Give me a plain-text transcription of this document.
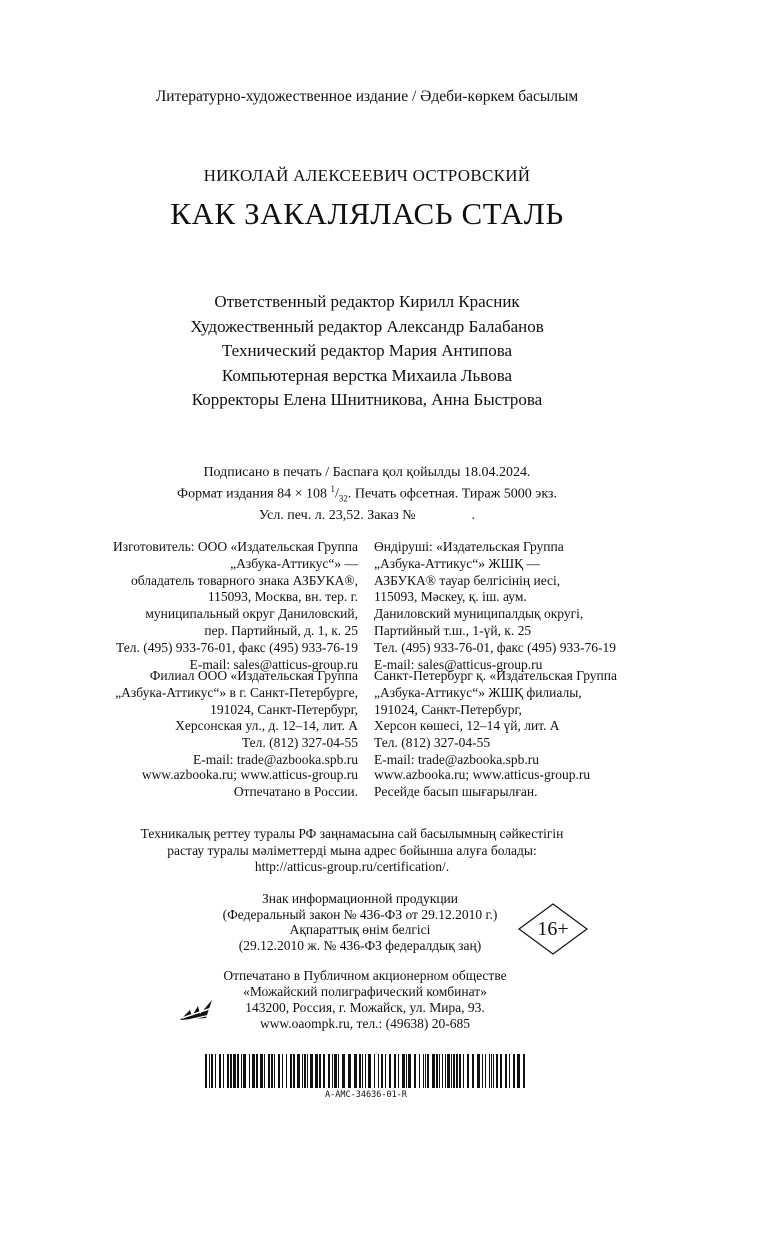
Литературно-художественное издание / Әдеби-көркем басылым
НИКОЛАЙ АЛЕКСЕЕВИЧ ОСТРОВСКИЙ
КАК ЗАКАЛЯЛАСЬ СТАЛЬ

Ответственный редактор Кирилл Красник

Художественный редактор Александр Балабанов

Технический редактор Мария Антипова

Компьютерная верстка Михаила Львова

Корректоры Елена Шнитникова, Анна Быстрова

Подписано в печать / Баспаға қол қойылды 18.04.2024.

Формат издания 84 × 108 $^1/_{32}$. Печать офсетная. Тираж 5000 экз.

Усл. печ. л. 23,52. Заказ №                .

Изготовитель: ООО «Издательская Группа

„Азбука-Аттикус“» —

обладатель товарного знака АЗБУКА®,

115093, Москва, вн. тер. г.

муниципальный округ Даниловский,

пер. Партийный, д. 1, к. 25

Тел. (495) 933-76-01, факс (495) 933-76-19

E-mail: sales@atticus-group.ru

Өндіруші: «Издательская Группа

„Азбука-Аттикус“» ЖШҚ —

АЗБУКА® тауар белгісінің иесі,

115093, Мәскеу, қ. іш. аум.

Даниловский муниципалдық округі,

Партийный т.ш., 1-үй, к. 25

Тел. (495) 933-76-01, факс (495) 933-76-19

E-mail: sales@atticus-group.ru

Филиал ООО «Издательская Группа

„Азбука-Аттикус“» в г. Санкт-Петербурге,

191024, Санкт-Петербург,

Херсонская ул., д. 12–14, лит. А

Тел. (812) 327-04-55

E-mail: trade@azbooka.spb.ru

Санкт-Петербург қ. «Издательская Группа

„Азбука-Аттикус“» ЖШҚ филиалы,

191024, Санкт-Петербург,

Херсон көшесі, 12–14 үй, лит. А

Тел. (812) 327-04-55

E-mail: trade@azbooka.spb.ru

www.azbooka.ru; www.atticus-group.ru

Отпечатано в России.

www.azbooka.ru; www.atticus-group.ru

Ресейде басып шығарылған.

Техникалық реттеу туралы РФ заңнамасына сай басылымның сәйкестігін

растау туралы мәліметтерді мына адрес бойынша алуға болады:

http://atticus-group.ru/certification/.

Знак информационной продукции

(Федеральный закон № 436-ФЗ от 29.12.2010 г.)

Ақпараттық өнім белгісі

(29.12.2010 ж. № 436-ФЗ федералдық заң)

16+

Отпечатано в Публичном акционерном обществе

«Можайский полиграфический комбинат»

143200, Россия, г. Можайск, ул. Мира, 93.

www.oaompk.ru, тел.: (49638) 20-685

A-AMC-34636-01-R
